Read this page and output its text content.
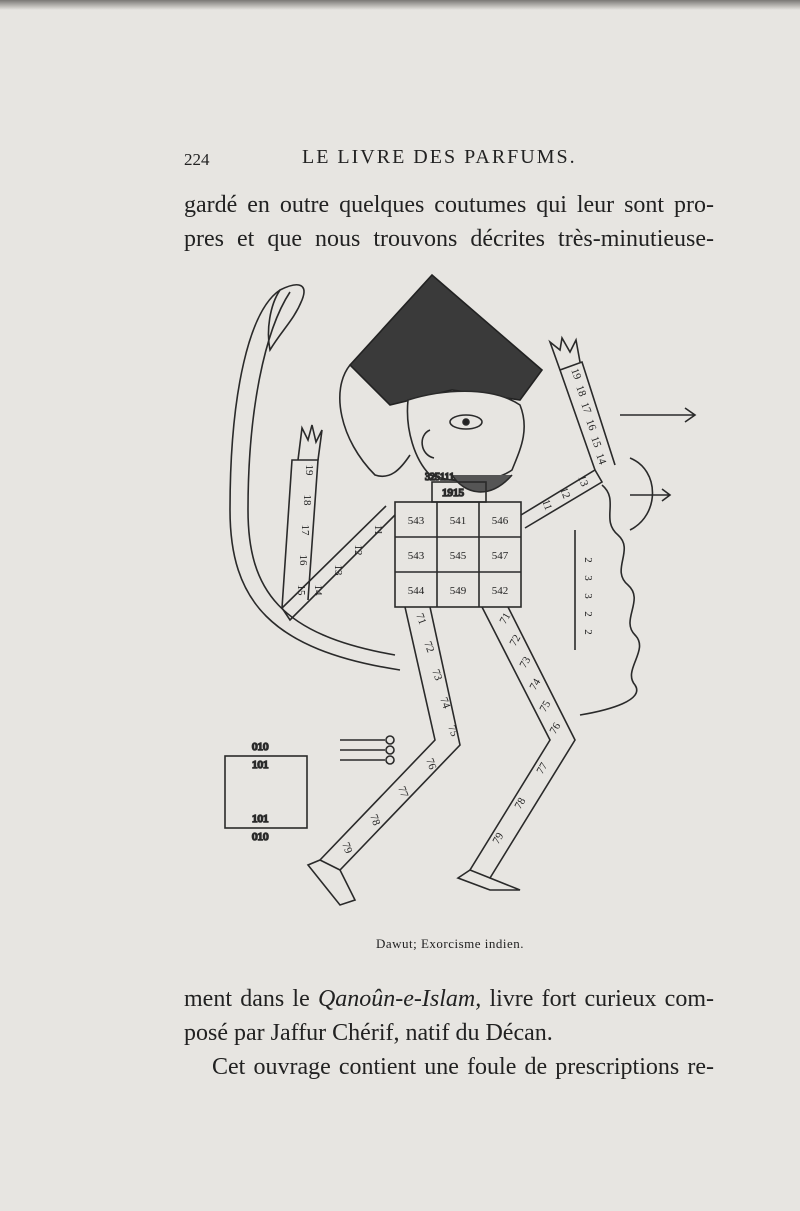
224	LE LIVRE DES PARFUMS.
gardé en outre quelques coutumes qui leur sont pro-
pres et que nous trouvons décrites très-minutieuse-
325111
1915
543 541 546
543 545 547
544 549 542
2
3
3
2
2
010
101
101
010
19
18
17
16
15 14
13
12
11
19
18
17
16
15
14
13
12
11
71
72
73
74
75
76
77
78
79
71
72
73
74
75
76
77
78
79
Dawut; Exorcisme indien.
ment dans le Qanoûn-e-Islam, livre fort curieux com-
posé par Jaffur Chérif, natif du Décan.
Cet ouvrage contient une foule de prescriptions re-
